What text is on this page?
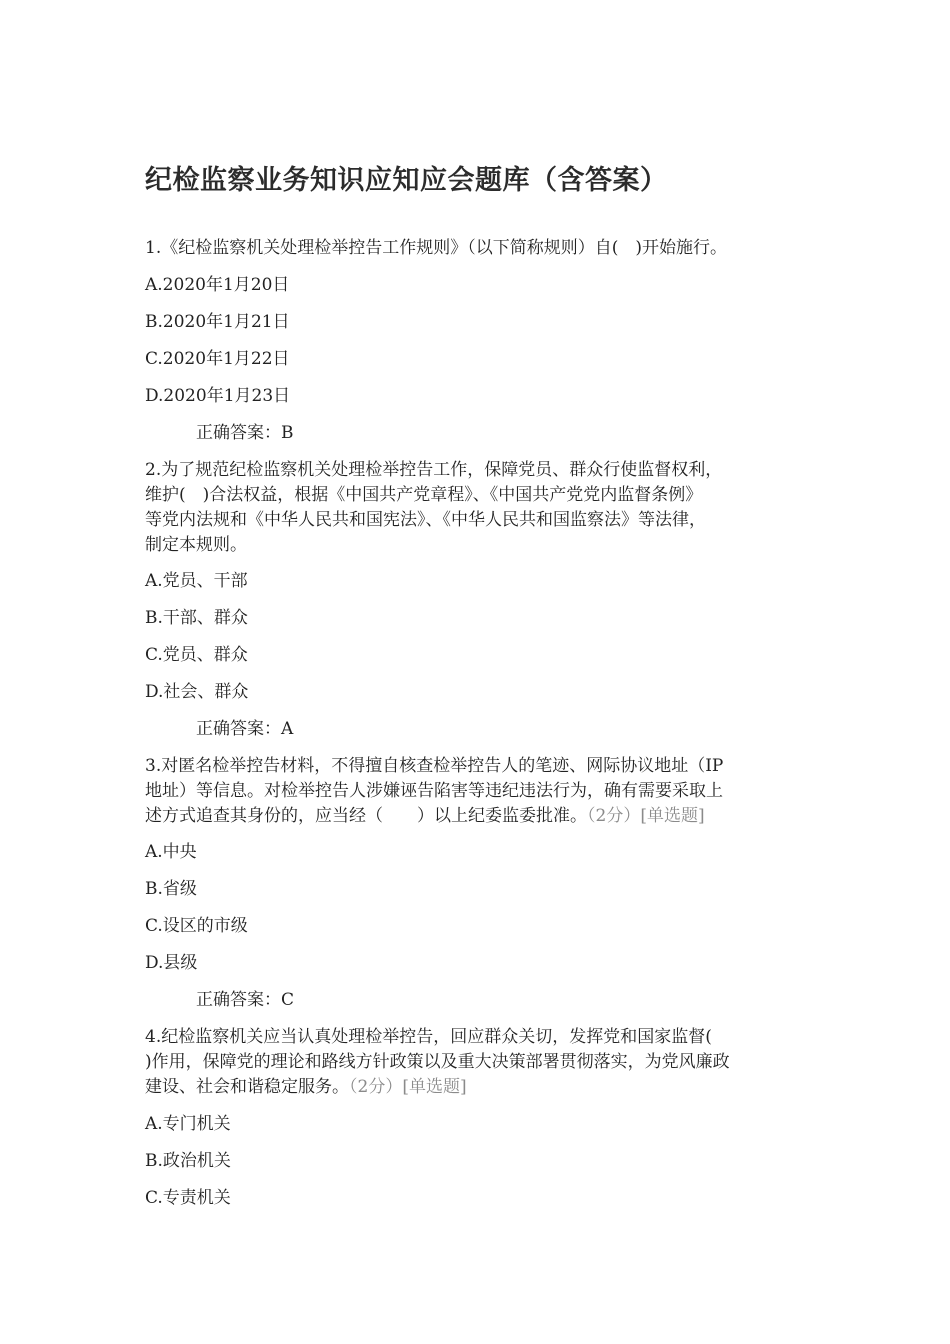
纪检监察业务知识应知应会题库（含答案）
1.《纪检监察机关处理检举控告工作规则》（以下简称规则）自(　)开始施行。
A.2020年1月20日
B.2020年1月21日
C.2020年1月22日
D.2020年1月23日
正确答案：B
2.为了规范纪检监察机关处理检举控告工作，保障党员、群众行使监督权利，
维护(　)合法权益，根据《中国共产党章程》、《中国共产党党内监督条例》
等党内法规和《中华人民共和国宪法》、《中华人民共和国监察法》等法律，
制定本规则。
A.党员、干部
B.干部、群众
C.党员、群众
D.社会、群众
正确答案：A
3.对匿名检举控告材料，不得擅自核查检举控告人的笔迹、网际协议地址（IP
地址）等信息。对检举控告人涉嫌诬告陷害等违纪违法行为，确有需要采取上
述方式追查其身份的，应当经（　　）以上纪委监委批准。（2分）[单选题]
A.中央
B.省级
C.设区的市级
D.县级
正确答案：C
4.纪检监察机关应当认真处理检举控告，回应群众关切，发挥党和国家监督(
)作用，保障党的理论和路线方针政策以及重大决策部署贯彻落实，为党风廉政
建设、社会和谐稳定服务。（2分）[单选题]
A.专门机关
B.政治机关
C.专责机关
